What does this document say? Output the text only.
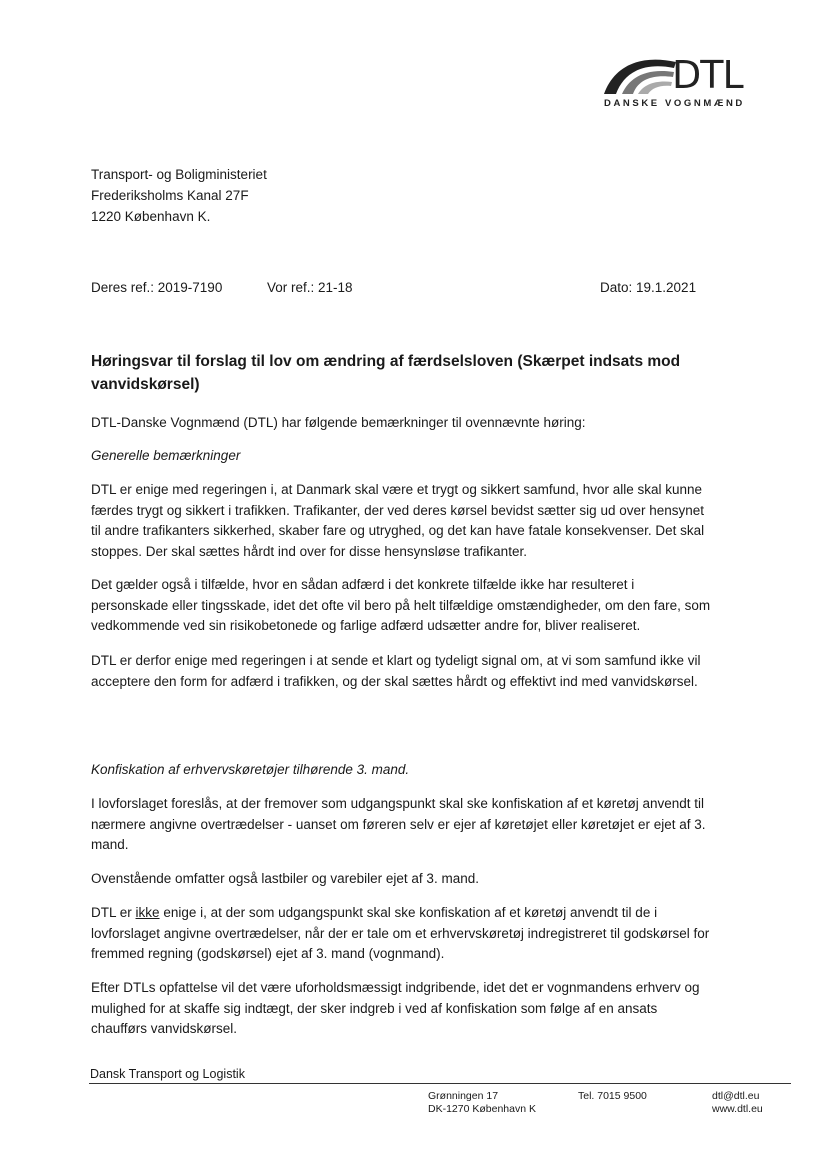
DTL
DANSKE VOGNMÆND
Transport- og Boligministeriet
Frederiksholms Kanal 27F
1220 København K.
Deres ref.: 2019-7190	Vor ref.: 21-18	Dato: 19.1.2021
Høringsvar til forslag til lov om ændring af færdselsloven (Skærpet indsats mod vanvidskørsel)
DTL-Danske Vognmænd (DTL) har følgende bemærkninger til ovennævnte høring:
Generelle bemærkninger
DTL er enige med regeringen i, at Danmark skal være et trygt og sikkert samfund, hvor alle skal kunne færdes trygt og sikkert i trafikken. Trafikanter, der ved deres kørsel bevidst sætter sig ud over hensynet til andre trafikanters sikkerhed, skaber fare og utryghed, og det kan have fatale konsekvenser. Det skal stoppes. Der skal sættes hårdt ind over for disse hensynsløse trafikanter.
Det gælder også i tilfælde, hvor en sådan adfærd i det konkrete tilfælde ikke har resulteret i personskade eller tingsskade, idet det ofte vil bero på helt tilfældige omstændigheder, om den fare, som vedkommende ved sin risikobetonede og farlige adfærd udsætter andre for, bliver realiseret.
DTL er derfor enige med regeringen i at sende et klart og tydeligt signal om, at vi som samfund ikke vil acceptere den form for adfærd i trafikken, og der skal sættes hårdt og effektivt ind med vanvidskørsel.
Konfiskation af erhvervskøretøjer tilhørende 3. mand.
I lovforslaget foreslås, at der fremover som udgangspunkt skal ske konfiskation af et køretøj anvendt til nærmere angivne overtrædelser - uanset om føreren selv er ejer af køretøjet eller køretøjet er ejet af 3. mand.
Ovenstående omfatter også lastbiler og varebiler ejet af 3. mand.
DTL er ikke enige i, at der som udgangspunkt skal ske konfiskation af et køretøj anvendt til de i lovforslaget angivne overtrædelser, når der er tale om et erhvervskøretøj indregistreret til godskørsel for fremmed regning (godskørsel) ejet af 3. mand (vognmand).
Efter DTLs opfattelse vil det være uforholdsmæssigt indgribende, idet det er vognmandens erhverv og mulighed for at skaffe sig indtægt, der sker indgreb i ved af konfiskation som følge af en ansats chaufførs vanvidskørsel.
Dansk Transport og Logistik
Grønningen 17
DK-1270 København K
Tel. 7015 9500	dtl@dtl.eu
www.dtl.eu
